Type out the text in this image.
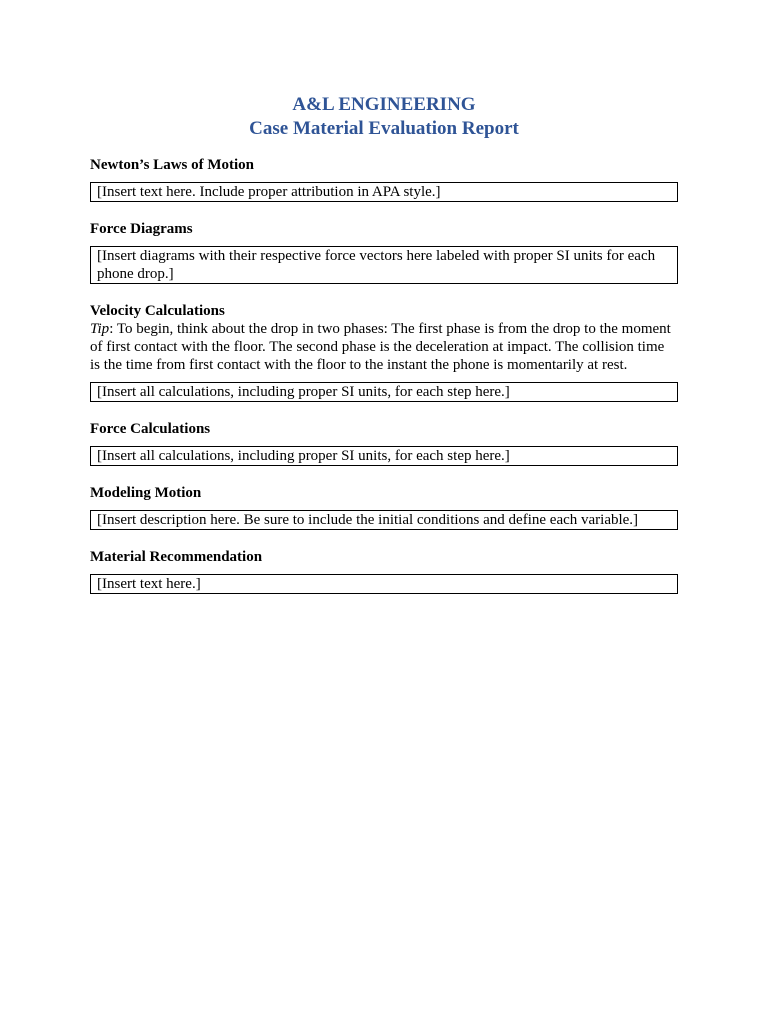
A&L ENGINEERING
Case Material Evaluation Report
Newton’s Laws of Motion
[Insert text here. Include proper attribution in APA style.]
Force Diagrams
[Insert diagrams with their respective force vectors here labeled with proper SI units for each phone drop.]
Velocity Calculations
Tip: To begin, think about the drop in two phases: The first phase is from the drop to the moment of first contact with the floor. The second phase is the deceleration at impact. The collision time is the time from first contact with the floor to the instant the phone is momentarily at rest.
[Insert all calculations, including proper SI units, for each step here.]
Force Calculations
[Insert all calculations, including proper SI units, for each step here.]
Modeling Motion
[Insert description here. Be sure to include the initial conditions and define each variable.]
Material Recommendation
[Insert text here.]
